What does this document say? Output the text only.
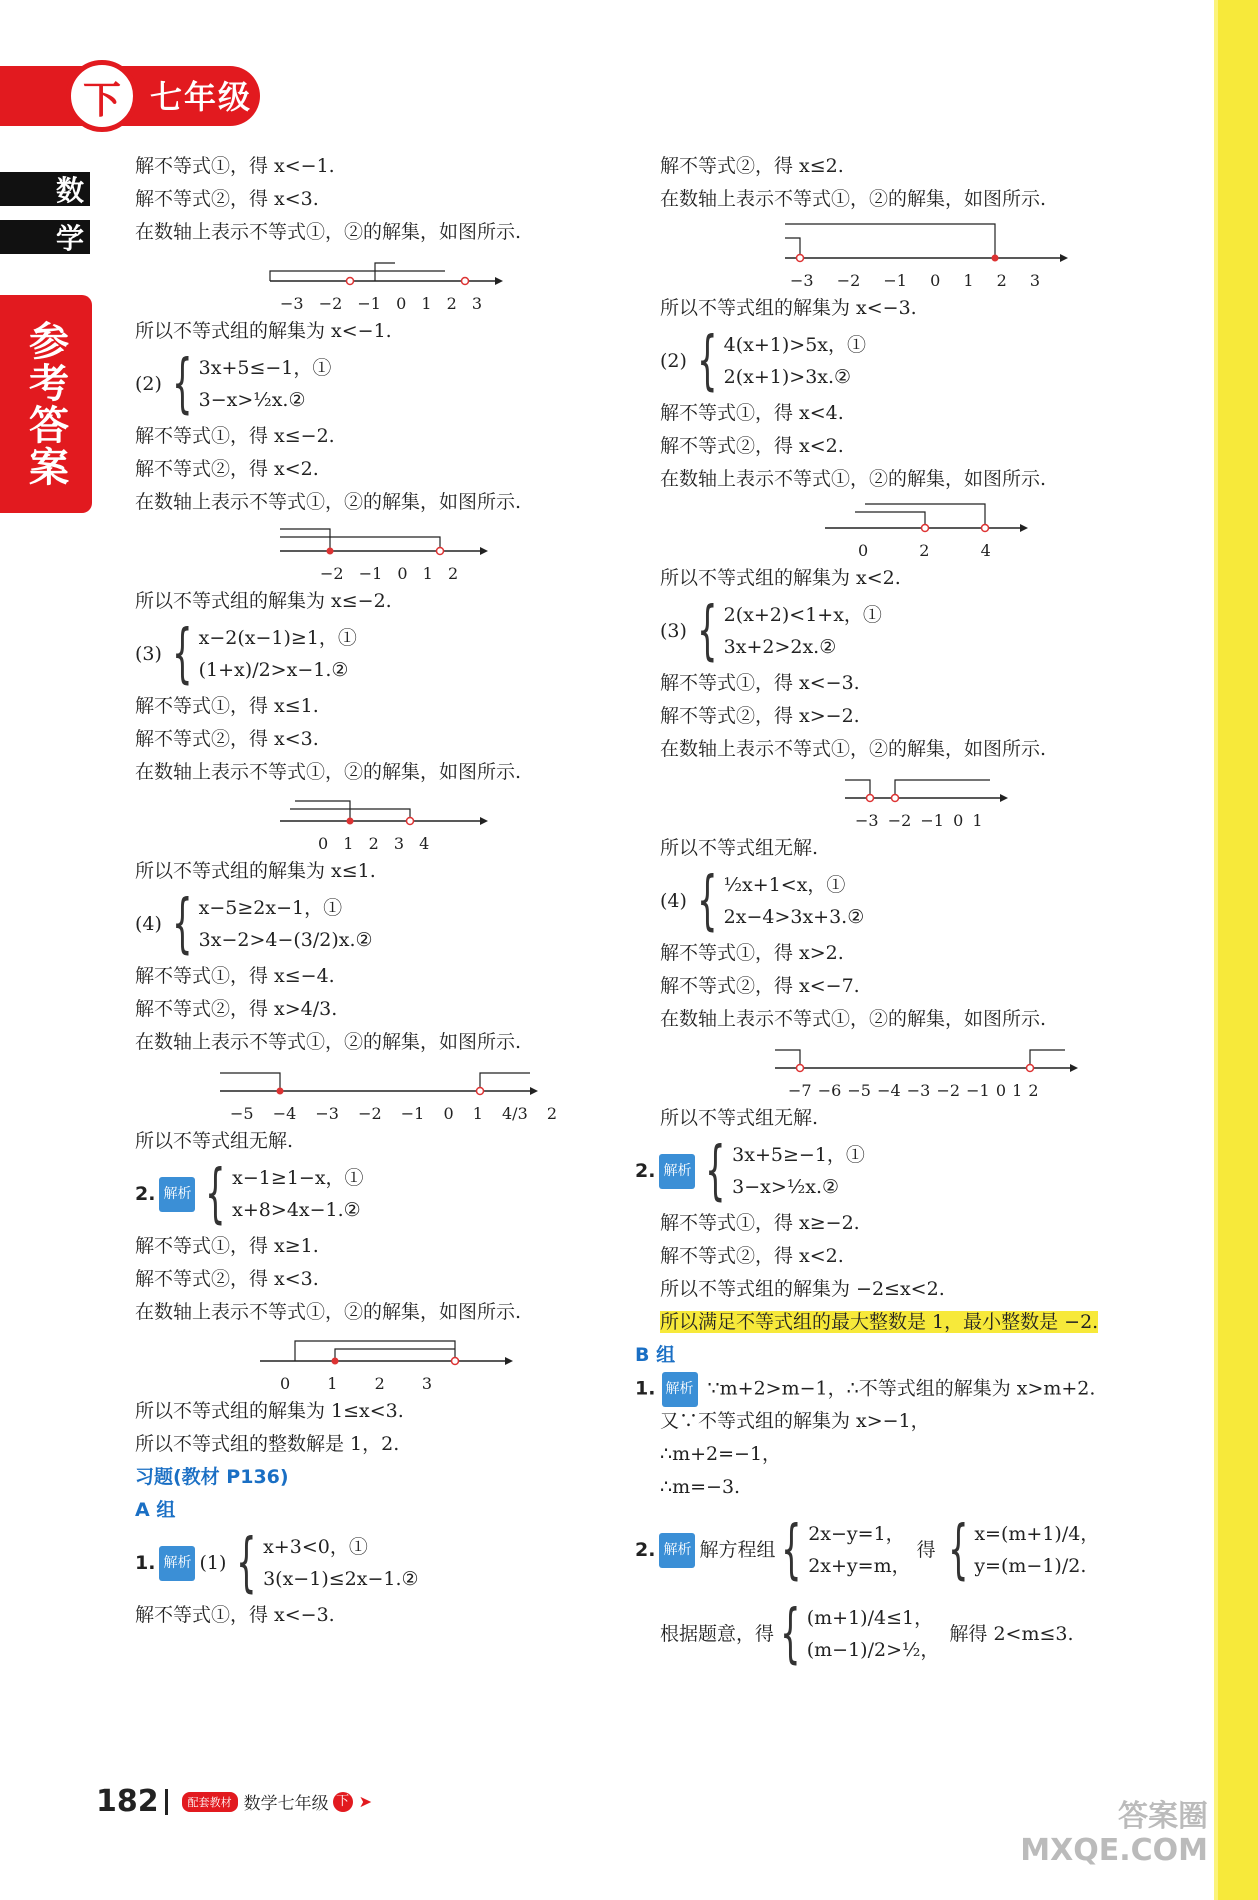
下 七年级
数
学
参考答案
解不等式①，得 x<−1.
解不等式②，得 x<3.
在数轴上表示不等式①，②的解集，如图所示.
−3 −2 −1 0 1 2 3
所以不等式组的解集为 x<−1.
(2) { 3x+5≤−1，①
3−x>½x.②
解不等式①，得 x≤−2.
解不等式②，得 x<2.
在数轴上表示不等式①，②的解集，如图所示.
−2 −1 0 1 2
所以不等式组的解集为 x≤−2.
(3) { x−2(x−1)≥1，①
(1+x)/2>x−1.②
解不等式①，得 x≤1.
解不等式②，得 x<3.
在数轴上表示不等式①，②的解集，如图所示.
0 1 2 3 4
所以不等式组的解集为 x≤1.
(4) { x−5≥2x−1，①
3x−2>4−(3/2)x.②
解不等式①，得 x≤−4.
解不等式②，得 x>4/3.
在数轴上表示不等式①，②的解集，如图所示.
−5 −4 −3 −2 −1 0 1 4/3 2
所以不等式组无解.
2. 解析 { x−1≥1−x，①
x+8>4x−1.②
解不等式①，得 x≥1.
解不等式②，得 x<3.
在数轴上表示不等式①，②的解集，如图所示.
0 1 2 3
所以不等式组的解集为 1≤x<3.
所以不等式组的整数解是 1，2.
习题(教材 P136)
A 组
1. 解析 (1) { x+3<0，①
3(x−1)≤2x−1.②
解不等式①，得 x<−3.
解不等式②，得 x≤2.
在数轴上表示不等式①，②的解集，如图所示.
−3 −2 −1 0 1 2 3
所以不等式组的解集为 x<−3.
(2) { 4(x+1)>5x，①
2(x+1)>3x.②
解不等式①，得 x<4.
解不等式②，得 x<2.
在数轴上表示不等式①，②的解集，如图所示.
0	2	4
所以不等式组的解集为 x<2.
(3) { 2(x+2)<1+x，①
3x+2>2x.②
解不等式①，得 x<−3.
解不等式②，得 x>−2.
在数轴上表示不等式①，②的解集，如图所示.
−3 −2 −1 0 1
所以不等式组无解.
(4) { ½x+1<x，①
2x−4>3x+3.②
解不等式①，得 x>2.
解不等式②，得 x<−7.
在数轴上表示不等式①，②的解集，如图所示.
−7 −6 −5 −4 −3 −2 −1 0 1 2
所以不等式组无解.
2. 解析 { 3x+5≥−1，①
3−x>½x.②
解不等式①，得 x≥−2.
解不等式②，得 x<2.
所以不等式组的解集为 −2≤x<2.
所以满足不等式组的最大整数是 1，最小整数是 −2.
B 组
1. 解析 ∵m+2>m−1，∴不等式组的解集为 x>m+2.
又∵不等式组的解集为 x>−1，
∴m+2=−1，
∴m=−3.
2. 解析 解方程组 { 2x−y=1，
2x+y=m，
得 { x=(m+1)/4，
y=(m−1)/2.
根据题意，得 { (m+1)/4≤1，
(m−1)/2>½，
解得 2<m≤3.
182	配套教材 数学七年级 下 ➤	答案圈
MXQE.COM
